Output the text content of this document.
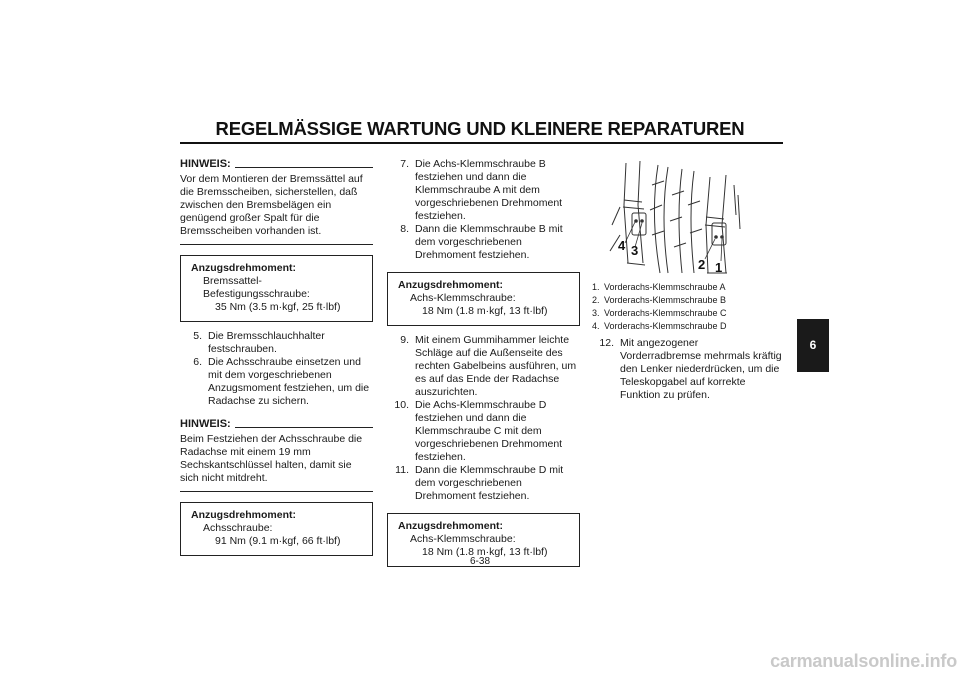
REGELMÄSSIGE WARTUNG UND KLEINERE REPARATUREN
HINWEIS:

Vor dem Montieren der Bremssättel auf die Bremsscheiben, sicherstellen, daß zwischen den Bremsbelägen ein genügend großer Spalt für die Bremsscheiben vorhanden ist.

Anzugsdrehmoment:
Bremssattel-Befestigungsschraube:
35 Nm (3.5 m·kgf, 25 ft·lbf)
5. Die Bremsschlauchhalter festschrauben.
6. Die Achsschraube einsetzen und mit dem vorgeschriebenen Anzugsmoment festziehen, um die Radachse zu sichern.
HINWEIS:

Beim Festziehen der Achsschraube die Radachse mit einem 19 mm Sechskantschlüssel halten, damit sie sich nicht mitdreht.

Anzugsdrehmoment:
Achsschraube:
91 Nm (9.1 m·kgf, 66 ft·lbf)
7. Die Achs-Klemmschraube B festziehen und dann die Klemmschraube A mit dem vorgeschriebenen Drehmoment festziehen.
8. Dann die Klemmschraube B mit dem vorgeschriebenen Drehmoment festziehen.
Anzugsdrehmoment:
Achs-Klemmschraube:
18 Nm (1.8 m·kgf, 13 ft·lbf)
9. Mit einem Gummihammer leichte Schläge auf die Außenseite des rechten Gabelbeins ausführen, um es auf das Ende der Radachse auszurichten.
10. Die Achs-Klemmschraube D festziehen und dann die Klemmschraube C mit dem vorgeschriebenen Drehmoment festziehen.
11. Dann die Klemmschraube D mit dem vorgeschriebenen Drehmoment festziehen.
Anzugsdrehmoment:
Achs-Klemmschraube:
18 Nm (1.8 m·kgf, 13 ft·lbf)
4 3
2 1
1. Vorderachs-Klemmschraube A
2. Vorderachs-Klemmschraube B
3. Vorderachs-Klemmschraube C
4. Vorderachs-Klemmschraube D
12. Mit angezogener Vorderradbremse mehrmals kräftig den Lenker niederdrücken, um die Teleskopgabel auf korrekte Funktion zu prüfen.
6
6-38
carmanualsonline.info
